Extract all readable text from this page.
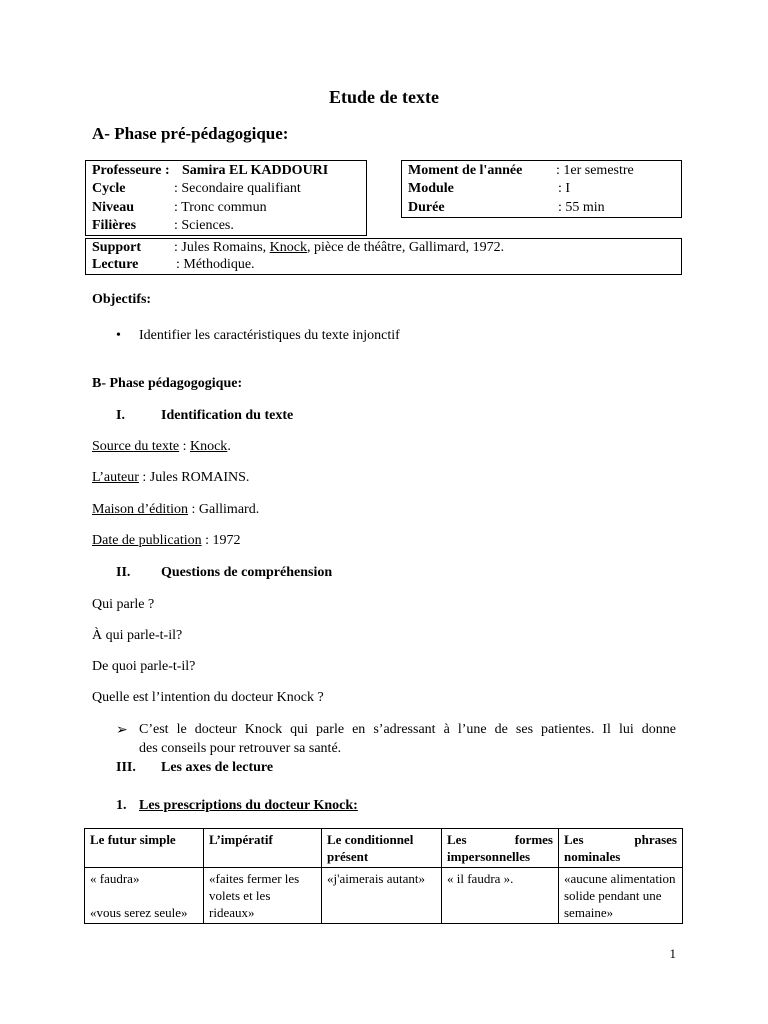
Etude de texte
A- Phase pré-pédagogique:
Professeure : Samira EL KADDOURI
Cycle	: Secondaire qualifiant
Niveau	: Tronc commun
Filières	: Sciences.
Moment de l'année : 1er semestre
Module	: I
Durée	: 55 min
Support : Jules Romains, Knock, pièce de théâtre, Gallimard, 1972.
Lecture	: Méthodique.
Objectifs:
• Identifier les caractéristiques du texte injonctif
B- Phase pédagogogique:
I.	Identification du texte
Source du texte : Knock.
L’auteur : Jules ROMAINS.
Maison d’édition : Gallimard.
Date de publication : 1972
II. Questions de compréhension
Qui parle ?
À qui parle-t-il?
De quoi parle-t-il?
Quelle est l’intention du docteur Knock ?
➢ C’est le docteur Knock qui parle en s’adressant à l’une de ses patientes. Il lui donne
des conseils pour retrouver sa santé.
III. Les axes de lecture
1. Les prescriptions du docteur Knock:
Le futur simple	L’impératif	Le conditionnel présent	Les formes impersonnelles	Les phrases nominales

« faudra»
«vous serez seule»	«faites fermer les volets et les rideaux»	«j'aimerais autant»	« il faudra ».	«aucune alimentation solide pendant une semaine»
1
